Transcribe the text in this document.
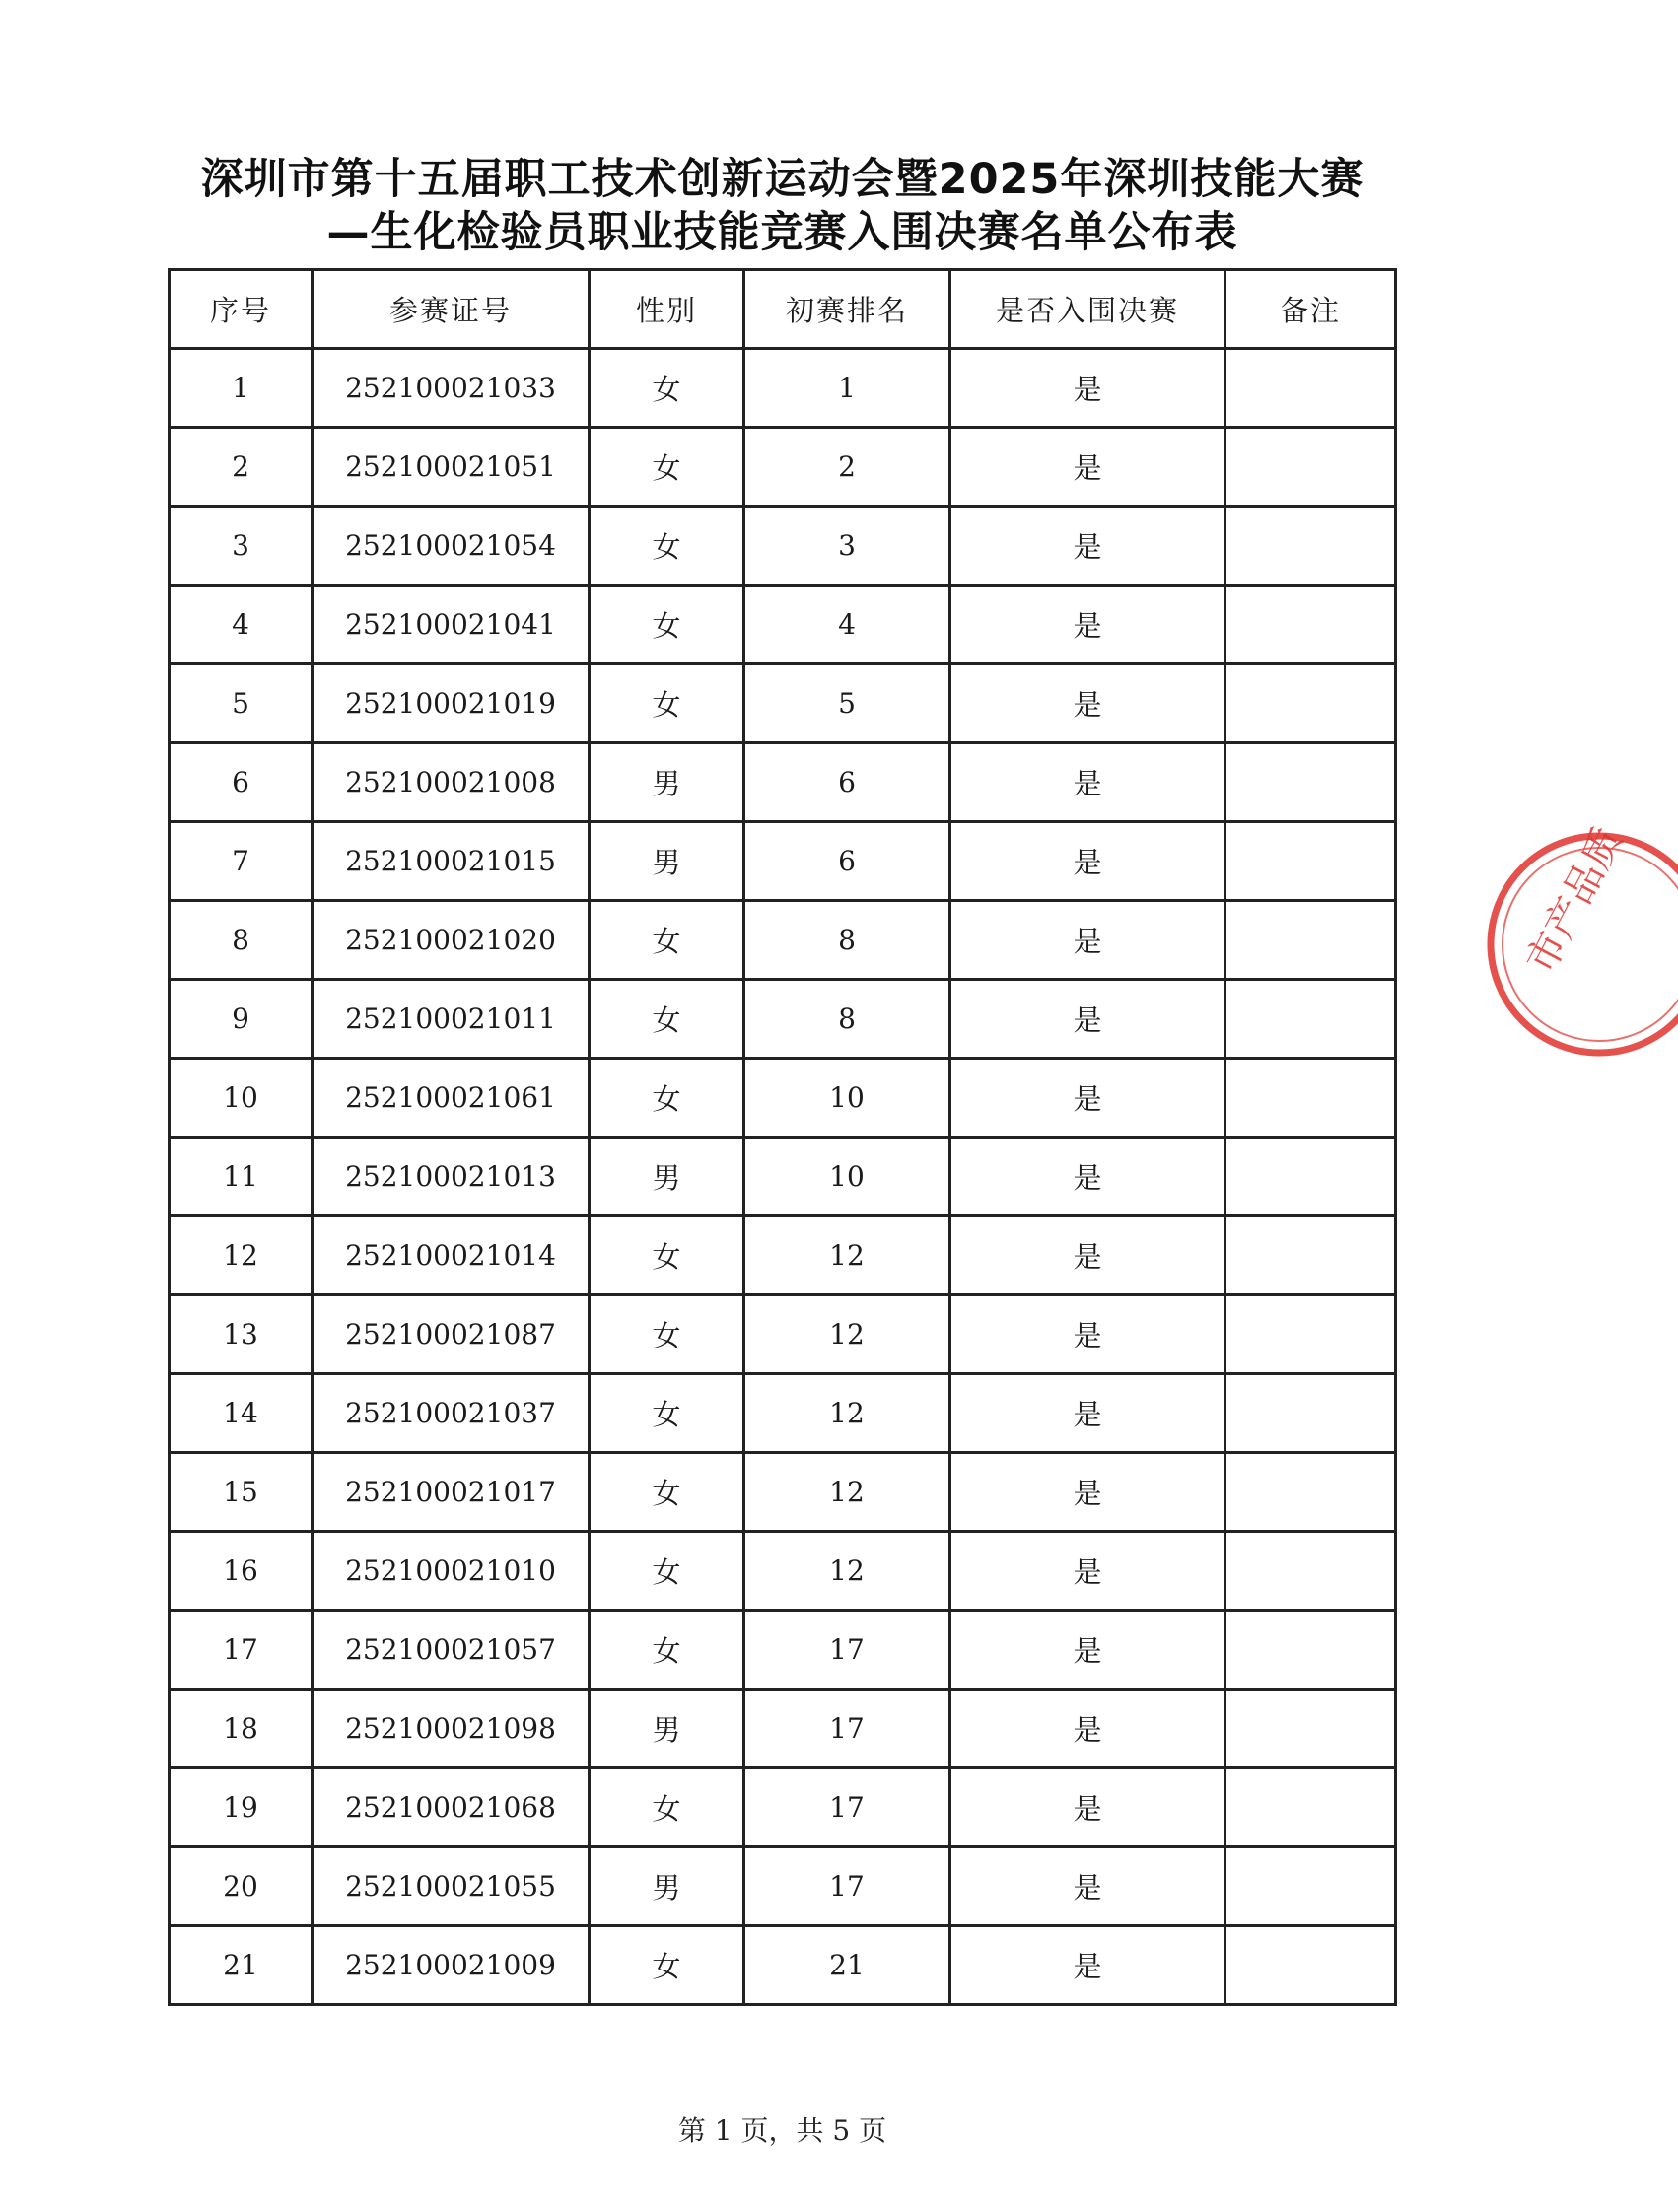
深圳市第十五届职工技术创新运动会暨2025年深圳技能大赛
—生化检验员职业技能竞赛入围决赛名单公布表
序号	参赛证号	性别	初赛排名	是否入围决赛	备注
1	252100021033	女	1	是	
2	252100021051	女	2	是	
3	252100021054	女	3	是	
4	252100021041	女	4	是	
5	252100021019	女	5	是	
6	252100021008	男	6	是	
7	252100021015	男	6	是	
8	252100021020	女	8	是	
9	252100021011	女	8	是	
10	252100021061	女	10	是	
11	252100021013	男	10	是	
12	252100021014	女	12	是	
13	252100021087	女	12	是	
14	252100021037	女	12	是	
15	252100021017	女	12	是	
16	252100021010	女	12	是	
17	252100021057	女	17	是	
18	252100021098	男	17	是	
19	252100021068	女	17	是	
20	252100021055	男	17	是	
21	252100021009	女	21	是	
第 1 页，共 5 页
市产品质
